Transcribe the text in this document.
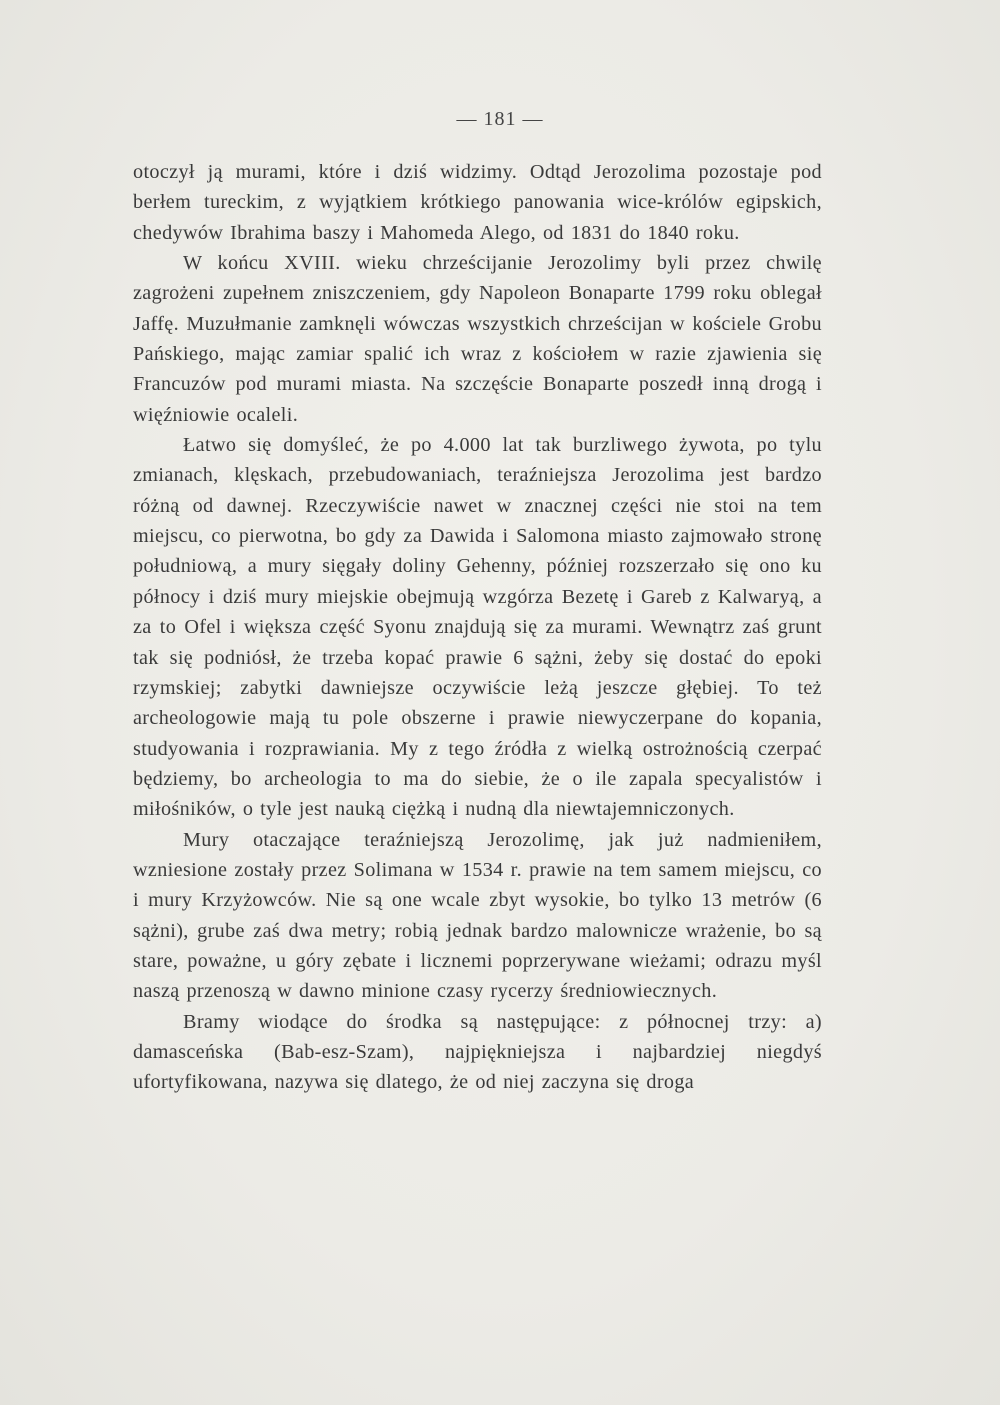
— 181 —

otoczył ją murami, które i dziś widzimy. Odtąd Jerozolima pozostaje pod berłem tureckim, z wyjątkiem krótkiego panowania wice-królów egipskich, chedywów Ibrahima baszy i Mahomeda Alego, od 1831 do 1840 roku.

W końcu XVIII. wieku chrześcijanie Jerozolimy byli przez chwilę zagrożeni zupełnem zniszczeniem, gdy Napoleon Bonaparte 1799 roku oblegał Jaffę. Muzułmanie zamknęli wówczas wszystkich chrześcijan w kościele Grobu Pańskiego, mając zamiar spalić ich wraz z kościołem w razie zjawienia się Francuzów pod murami miasta. Na szczęście Bonaparte poszedł inną drogą i więźniowie ocaleli.

Łatwo się domyśleć, że po 4.000 lat tak burzliwego żywota, po tylu zmianach, klęskach, przebudowaniach, teraźniejsza Jerozolima jest bardzo różną od dawnej. Rzeczywiście nawet w znacznej części nie stoi na tem miejscu, co pierwotna, bo gdy za Dawida i Salomona miasto zajmowało stronę południową, a mury sięgały doliny Gehenny, później rozszerzało się ono ku północy i dziś mury miejskie obejmują wzgórza Bezetę i Gareb z Kalwaryą, a za to Ofel i większa część Syonu znajdują się za murami. Wewnątrz zaś grunt tak się podniósł, że trzeba kopać prawie 6 sążni, żeby się dostać do epoki rzymskiej; zabytki dawniejsze oczywiście leżą jeszcze głębiej. To też archeologowie mają tu pole obszerne i prawie niewyczerpane do kopania, studyowania i rozprawiania. My z tego źródła z wielką ostrożnością czerpać będziemy, bo archeologia to ma do siebie, że o ile zapala specyalistów i miłośników, o tyle jest nauką ciężką i nudną dla niewtajemniczonych.

Mury otaczające teraźniejszą Jerozolimę, jak już nadmieniłem, wzniesione zostały przez Solimana w 1534 r. prawie na tem samem miejscu, co i mury Krzyżowców. Nie są one wcale zbyt wysokie, bo tylko 13 metrów (6 sążni), grube zaś dwa metry; robią jednak bardzo malownicze wrażenie, bo są stare, poważne, u góry zębate i licznemi poprzerywane wieżami; odrazu myśl naszą przenoszą w dawno minione czasy rycerzy średniowiecznych.

Bramy wiodące do środka są następujące: z północnej trzy: a) damasceńska (Bab-esz-Szam), najpiękniejsza i najbardziej niegdyś ufortyfikowana, nazywa się dlatego, że od niej zaczyna się droga
